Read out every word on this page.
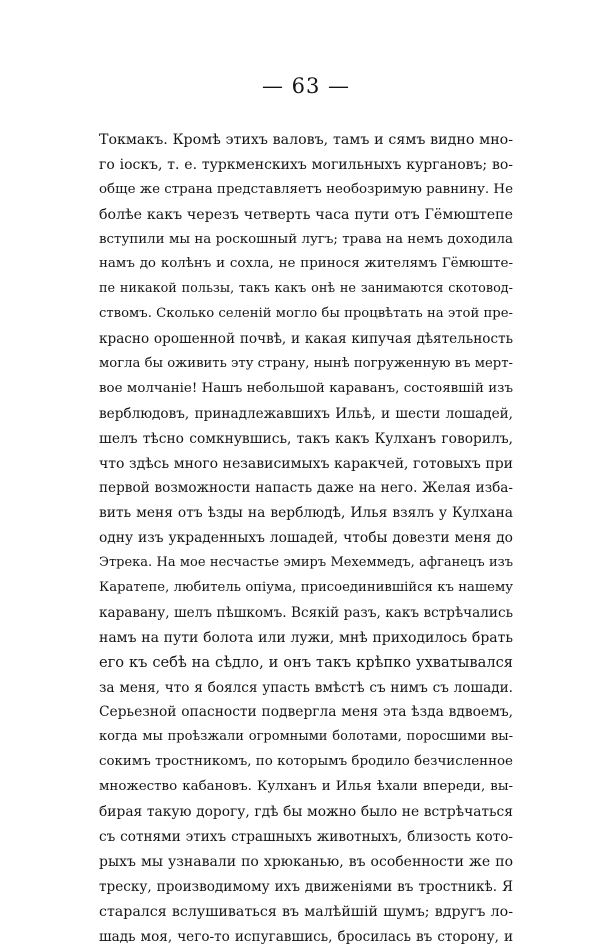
— 63 —
Токмакъ. Кромѣ этихъ валовъ, тамъ и сямъ видно мно-
го іоскъ, т. е. туркменскихъ могильныхъ кургановъ; во-
обще же страна представляетъ необозримую равнину. Не
болѣе какъ черезъ четверть часа пути отъ Гёмюштепе
вступили мы на роскошный лугъ; трава на немъ доходила
намъ до колѣнъ и сохла, не принося жителямъ Гёмюште-
пе никакой пользы, такъ какъ онѣ не занимаются скотовод-
ствомъ. Сколько селеній могло бы процвѣтать на этой пре-
красно орошенной почвѣ, и какая кипучая дѣятельность
могла бы оживить эту страну, нынѣ погруженную въ мерт-
вое молчаніе! Нашъ небольшой караванъ, состоявшій изъ
верблюдовъ, принадлежавшихъ Ильѣ, и шести лошадей,
шелъ тѣсно сомкнувшись, такъ какъ Кулханъ говорилъ,
что здѣсь много независимыхъ каракчей, готовыхъ при
первой возможности напасть даже на него. Желая изба-
вить меня отъ ѣзды на верблюдѣ, Илья взялъ у Кулхана
одну изъ украденныхъ лошадей, чтобы довезти меня до
Этрека. На мое несчастье эмиръ Мехеммедъ, афганецъ изъ
Каратепе, любитель опіума, присоединившійся къ нашему
каравану, шелъ пѣшкомъ. Всякій разъ, какъ встрѣчались
намъ на пути болота или лужи, мнѣ приходилось брать
его къ себѣ на сѣдло, и онъ такъ крѣпко ухватывался
за меня, что я боялся упасть вмѣстѣ съ нимъ съ лошади.
Серьезной опасности подвергла меня эта ѣзда вдвоемъ,
когда мы проѣзжали огромными болотами, поросшими вы-
сокимъ тростникомъ, по которымъ бродило безчисленное
множество кабановъ. Кулханъ и Илья ѣхали впереди, вы-
бирая такую дорогу, гдѣ бы можно было не встрѣчаться
съ сотнями этихъ страшныхъ животныхъ, близость кото-
рыхъ мы узнавали по хрюканью, въ особенности же по
треску, производимому ихъ движеніями въ тростникѣ. Я
старался вслушиваться въ малѣйшій шумъ; вдругъ ло-
шадь моя, чего-то испугавшись, бросилась въ сторону, и
